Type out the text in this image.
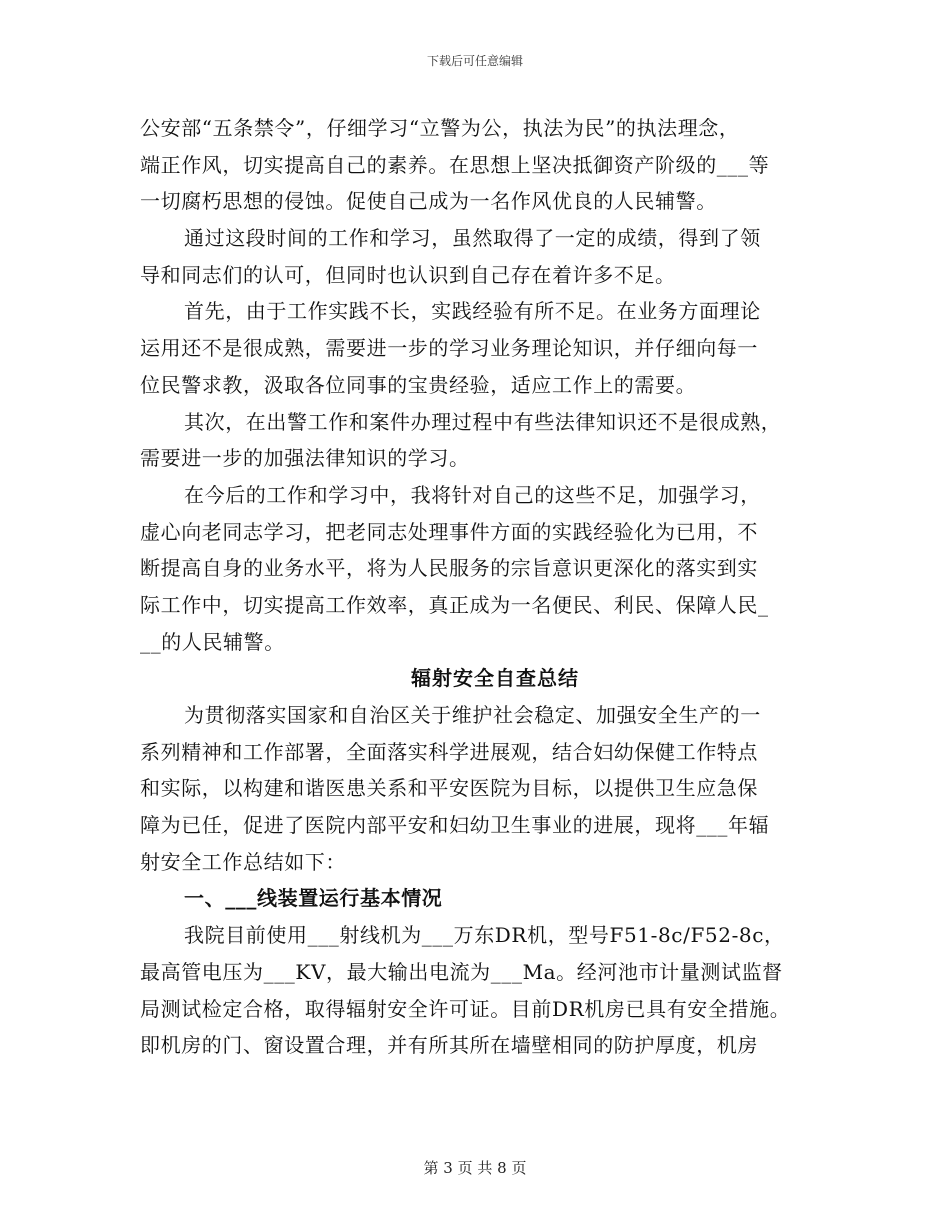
下载后可任意编辑
公安部“五条禁令”，仔细学习“立警为公，执法为民”的执法理念，
端正作风，切实提高自己的素养。在思想上坚决抵御资产阶级的___等
一切腐朽思想的侵蚀。促使自己成为一名作风优良的人民辅警。
通过这段时间的工作和学习，虽然取得了一定的成绩，得到了领
导和同志们的认可，但同时也认识到自己存在着许多不足。
首先，由于工作实践不长，实践经验有所不足。在业务方面理论
运用还不是很成熟，需要进一步的学习业务理论知识，并仔细向每一
位民警求教，汲取各位同事的宝贵经验，适应工作上的需要。
其次，在出警工作和案件办理过程中有些法律知识还不是很成熟，
需要进一步的加强法律知识的学习。
在今后的工作和学习中，我将针对自己的这些不足，加强学习，
虚心向老同志学习，把老同志处理事件方面的实践经验化为已用，不
断提高自身的业务水平，将为人民服务的宗旨意识更深化的落实到实
际工作中，切实提高工作效率，真正成为一名便民、利民、保障人民_
__的人民辅警。
辐射安全自查总结
为贯彻落实国家和自治区关于维护社会稳定、加强安全生产的一
系列精神和工作部署，全面落实科学进展观，结合妇幼保健工作特点
和实际，以构建和谐医患关系和平安医院为目标，以提供卫生应急保
障为已任，促进了医院内部平安和妇幼卫生事业的进展，现将___年辐
射安全工作总结如下：
一、___线装置运行基本情况
我院目前使用___射线机为___万东DR机，型号F51-8c/F52-8c，
最高管电压为___KV，最大输出电流为___Ma。经河池市计量测试监督
局测试检定合格，取得辐射安全许可证。目前DR机房已具有安全措施。
即机房的门、窗设置合理，并有所其所在墙壁相同的防护厚度，机房
第 3 页 共 8 页
